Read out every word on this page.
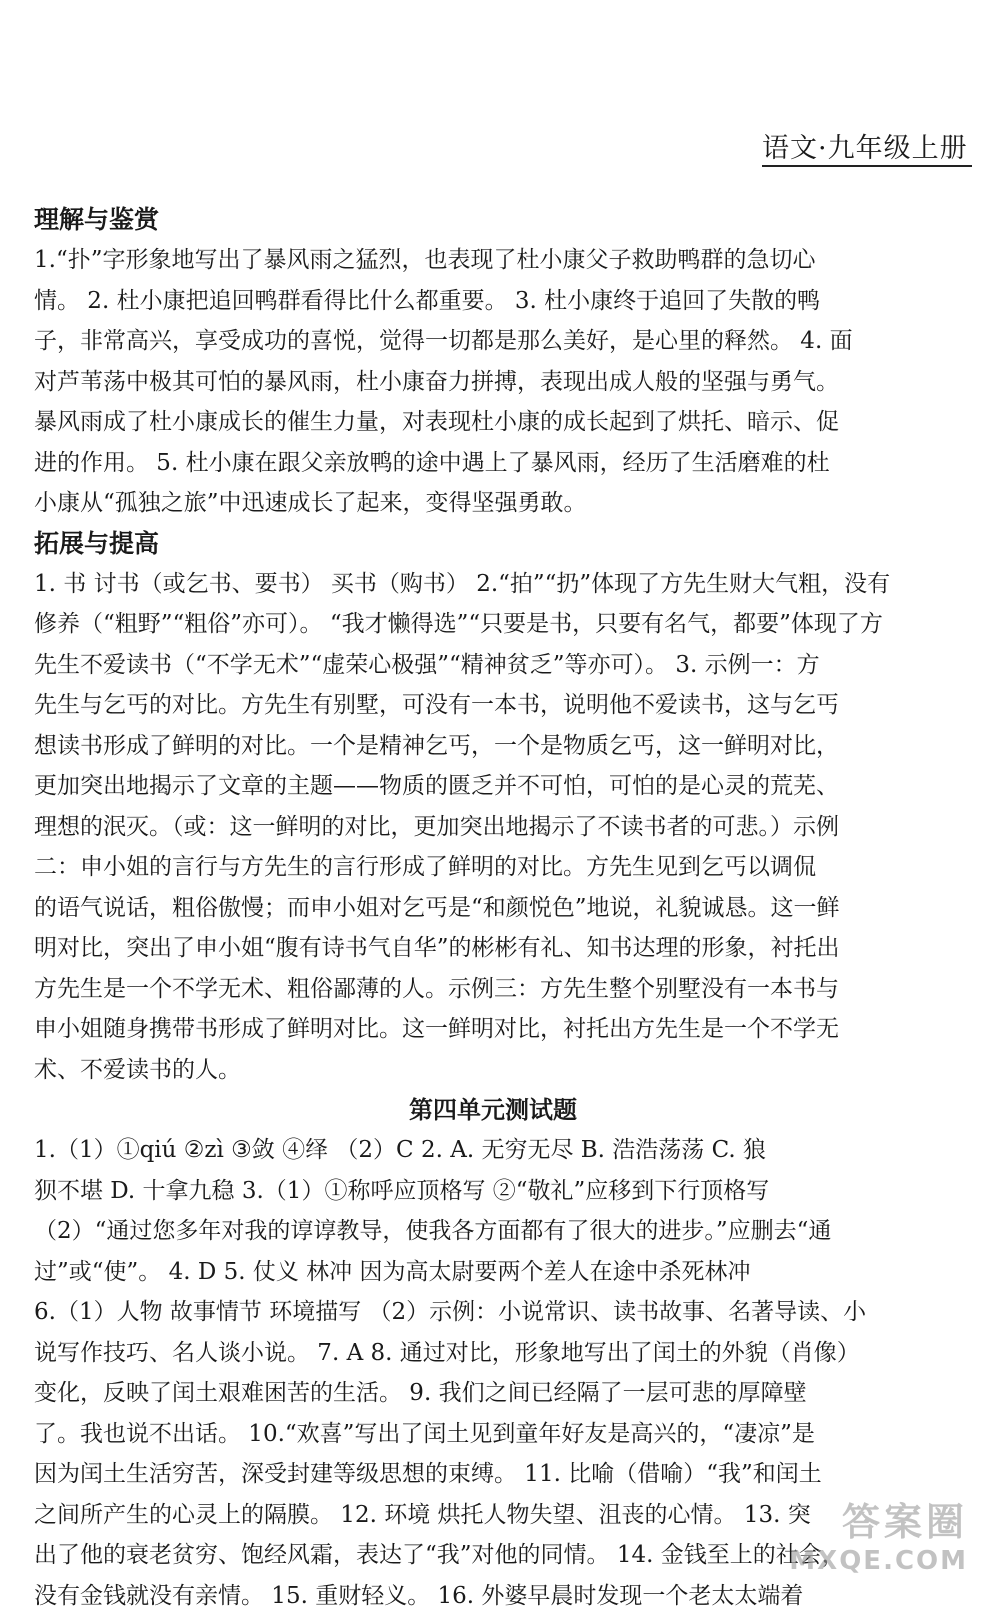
语文·九年级上册
理解与鉴赏
1.“扑”字形象地写出了暴风雨之猛烈，也表现了杜小康父子救助鸭群的急切心
情。 2. 杜小康把追回鸭群看得比什么都重要。 3. 杜小康终于追回了失散的鸭
子，非常高兴，享受成功的喜悦，觉得一切都是那么美好，是心里的释然。 4. 面
对芦苇荡中极其可怕的暴风雨，杜小康奋力拼搏，表现出成人般的坚强与勇气。
暴风雨成了杜小康成长的催生力量，对表现杜小康的成长起到了烘托、暗示、促
进的作用。 5. 杜小康在跟父亲放鸭的途中遇上了暴风雨，经历了生活磨难的杜
小康从“孤独之旅”中迅速成长了起来，变得坚强勇敢。
拓展与提高
1. 书 讨书（或乞书、要书） 买书（购书） 2.“拍”“扔”体现了方先生财大气粗，没有
修养（“粗野”“粗俗”亦可）。 “我才懒得选”“只要是书，只要有名气，都要”体现了方
先生不爱读书（“不学无术”“虚荣心极强”“精神贫乏”等亦可）。 3. 示例一：方
先生与乞丐的对比。方先生有别墅，可没有一本书，说明他不爱读书，这与乞丐
想读书形成了鲜明的对比。一个是精神乞丐，一个是物质乞丐，这一鲜明对比，
更加突出地揭示了文章的主题——物质的匮乏并不可怕，可怕的是心灵的荒芜、
理想的泯灭。（或：这一鲜明的对比，更加突出地揭示了不读书者的可悲。）示例
二：申小姐的言行与方先生的言行形成了鲜明的对比。方先生见到乞丐以调侃
的语气说话，粗俗傲慢；而申小姐对乞丐是“和颜悦色”地说，礼貌诚恳。这一鲜
明对比，突出了申小姐“腹有诗书气自华”的彬彬有礼、知书达理的形象，衬托出
方先生是一个不学无术、粗俗鄙薄的人。示例三：方先生整个别墅没有一本书与
申小姐随身携带书形成了鲜明对比。这一鲜明对比，衬托出方先生是一个不学无
术、不爱读书的人。
第四单元测试题
1.（1）①qiú ②zì ③敛 ④绎 （2）C 2. A. 无穷无尽 B. 浩浩荡荡 C. 狼
狈不堪 D. 十拿九稳 3.（1）①称呼应顶格写 ②“敬礼”应移到下行顶格写
（2）“通过您多年对我的谆谆教导，使我各方面都有了很大的进步。”应删去“通
过”或“使”。 4. D 5. 仗义 林冲 因为高太尉要两个差人在途中杀死林冲
6.（1）人物 故事情节 环境描写 （2）示例：小说常识、读书故事、名著导读、小
说写作技巧、名人谈小说。 7. A 8. 通过对比，形象地写出了闰土的外貌（肖像）
变化，反映了闰土艰难困苦的生活。 9. 我们之间已经隔了一层可悲的厚障壁
了。我也说不出话。 10.“欢喜”写出了闰土见到童年好友是高兴的，“凄凉”是
因为闰土生活穷苦，深受封建等级思想的束缚。 11. 比喻（借喻）“我”和闰土
之间所产生的心灵上的隔膜。 12. 环境 烘托人物失望、沮丧的心情。 13. 突
出了他的衰老贫穷、饱经风霜，表达了“我”对他的同情。 14. 金钱至上的社会，
没有金钱就没有亲情。 15. 重财轻义。 16. 外婆早晨时发现一个老太太端着
答案圈
MXQE.COM
